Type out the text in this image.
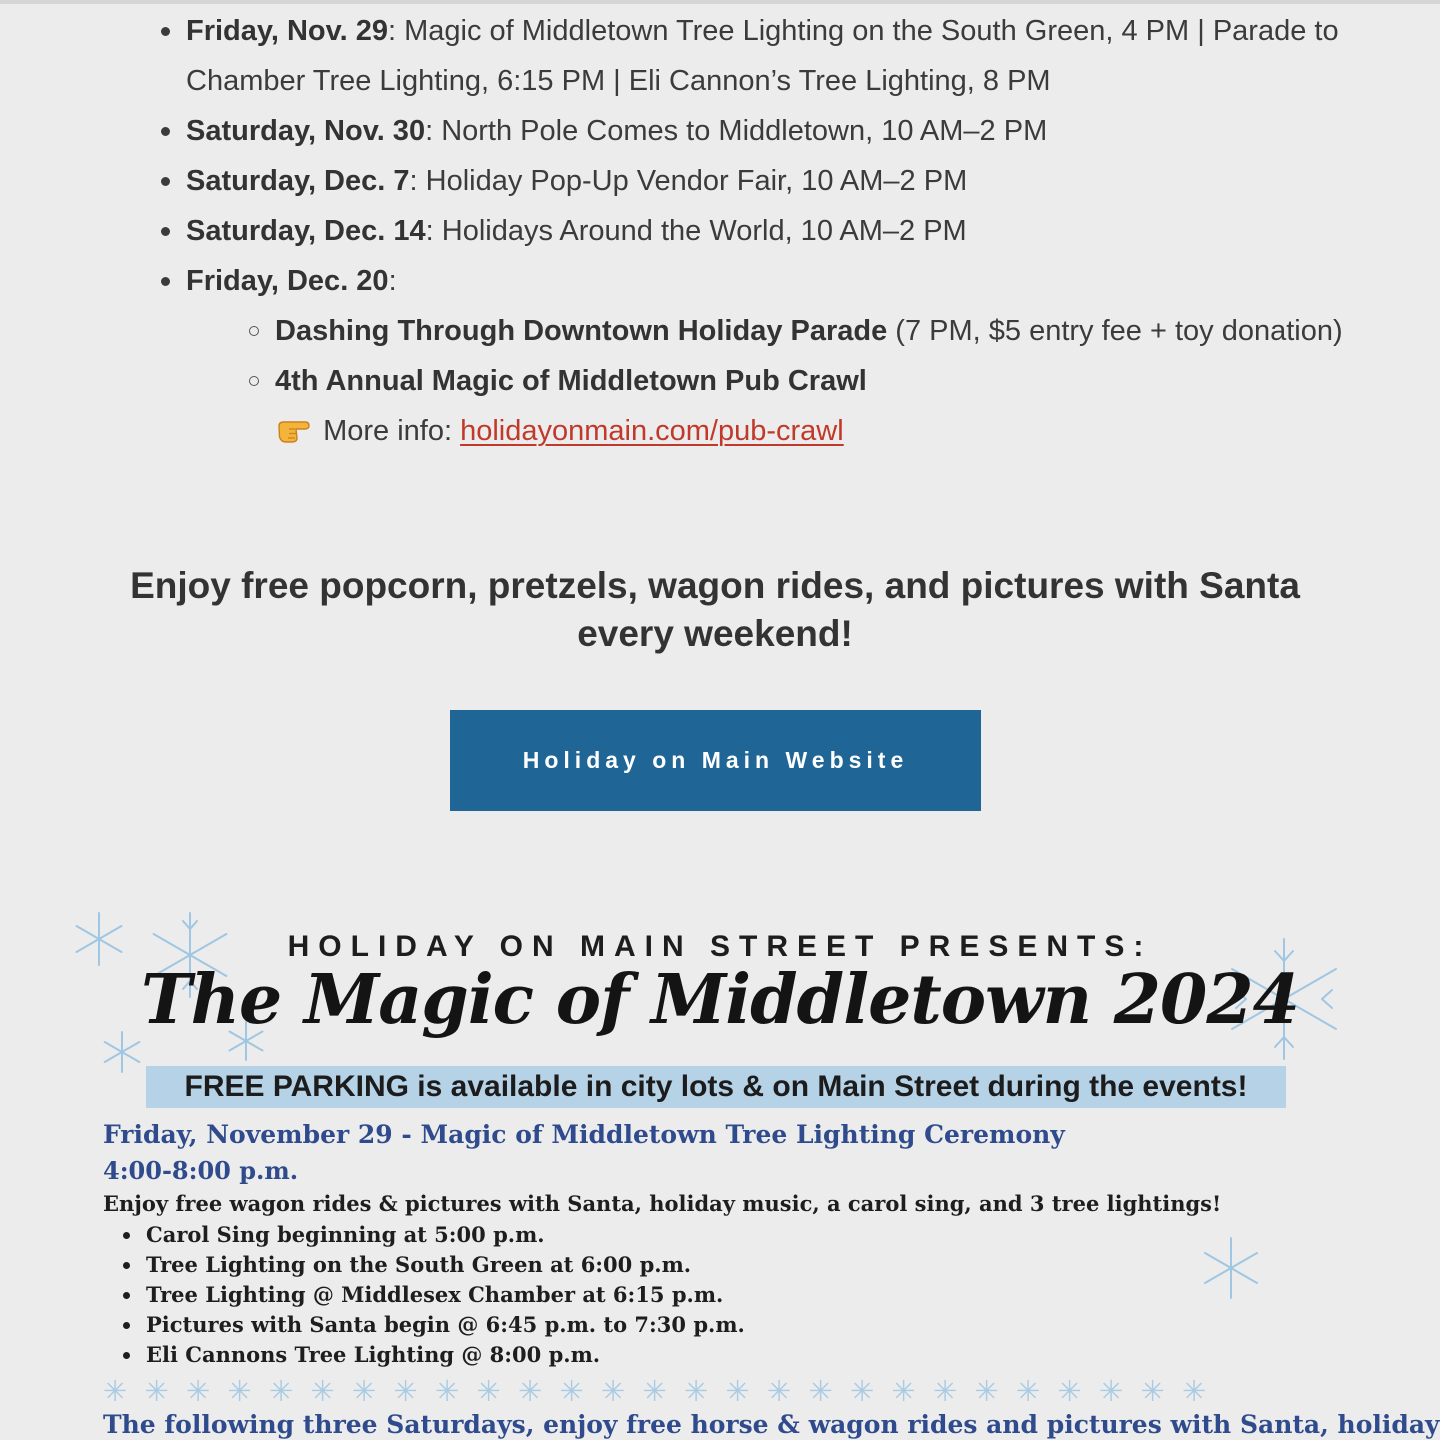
Friday, Nov. 29: Magic of Middletown Tree Lighting on the South Green, 4 PM | Parade to Chamber Tree Lighting, 6:15 PM | Eli Cannon’s Tree Lighting, 8 PM
Saturday, Nov. 30: North Pole Comes to Middletown, 10 AM–2 PM
Saturday, Dec. 7: Holiday Pop-Up Vendor Fair, 10 AM–2 PM
Saturday, Dec. 14: Holidays Around the World, 10 AM–2 PM
Friday, Dec. 20:
Dashing Through Downtown Holiday Parade (7 PM, $5 entry fee + toy donation)
4th Annual Magic of Middletown Pub Crawl
More info: holidayonmain.com/pub-crawl
Enjoy free popcorn, pretzels, wagon rides, and pictures with Santa every weekend!
Holiday on Main Website
HOLIDAY ON MAIN STREET PRESENTS:
The Magic of Middletown 2024
FREE PARKING is available in city lots & on Main Street during the events!
Friday, November 29 - Magic of Middletown Tree Lighting Ceremony
4:00-8:00 p.m.
Enjoy free wagon rides & pictures with Santa, holiday music, a carol sing, and 3 tree lightings!
Carol Sing beginning at 5:00 p.m.
Tree Lighting on the South Green at 6:00 p.m.
Tree Lighting @ Middlesex Chamber at 6:15 p.m.
Pictures with Santa begin @ 6:45 p.m. to 7:30 p.m.
Eli Cannons Tree Lighting @ 8:00 p.m.
✳✳✳✳✳✳✳✳✳✳✳✳✳✳✳✳✳✳✳✳✳✳✳✳✳✳✳
The following three Saturdays, enjoy free horse & wagon rides and pictures with Santa, holiday
